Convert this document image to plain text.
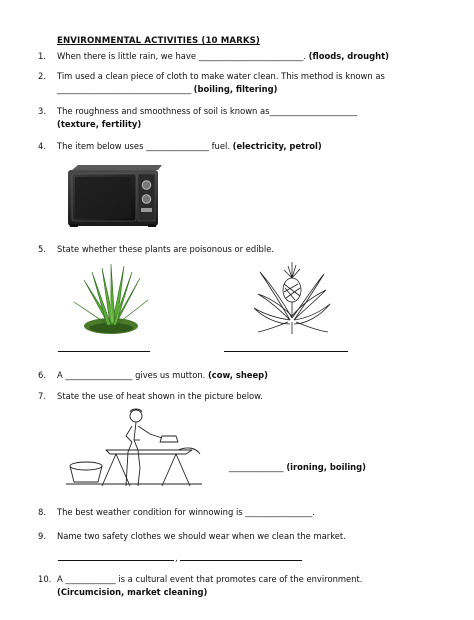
ENVIRONMENTAL ACTIVITIES (10 MARKS)
1.	When there is little rain, we have _________________________. (floods, drought)
2.	Tim used a clean piece of cloth to make water clean. This method is known as
________________________________ (boiling, filtering)
3.	The roughness and smoothness of soil is known as_____________________
(texture, fertility)
4.	The item below uses _______________ fuel. (electricity, petrol)
5.	State whether these plants are poisonous or edible.
6.	A ________________ gives us mutton. (cow, sheep)
7.	State the use of heat shown in the picture below.
_____________ (ironing, boiling)
8.	The best weather condition for winnowing is ________________.
9.	Name two safety clothes we should wear when we clean the market.
,
10. A ____________ is a cultural event that promotes care of the environment.
(Circumcision, market cleaning)
